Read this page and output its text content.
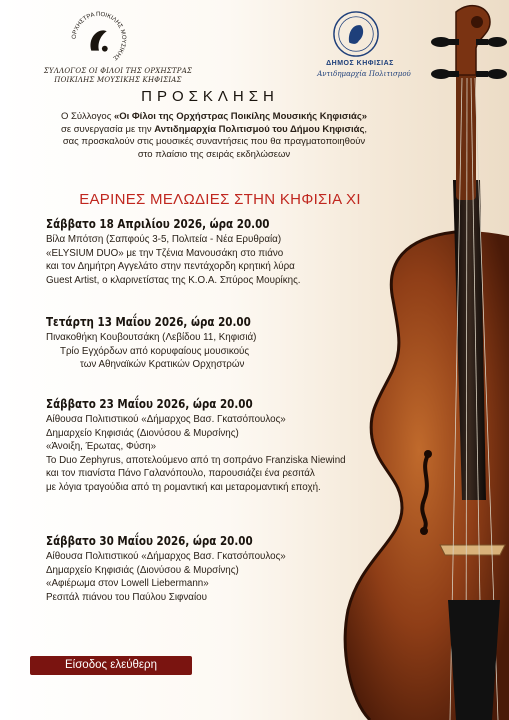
ΟΡΧΗΣΤΡΑ ΠΟΙΚΙΛΗΣ ΜΟΥΣΙΚΗΣ
ΣΥΛΛΟΓΟΣ ΟΙ ΦΙΛΟΙ ΤΗΣ ΟΡΧΗΣΤΡΑΣ
ΠΟΙΚΙΛΗΣ ΜΟΥΣΙΚΗΣ ΚΗΦΙΣΙΑΣ
ΔΗΜΟΣ ΚΗΦΙΣΙΑΣ
Αντιδημαρχία Πολιτισμού
ΠΡΟΣΚΛΗΣΗ
Ο Σύλλογος «Οι Φίλοι της Ορχήστρας Ποικίλης Μουσικής Κηφισιάς»
σε συνεργασία με την Αντιδημαρχία Πολιτισμού του Δήμου Κηφισιάς,
σας προσκαλούν στις μουσικές συναντήσεις που θα πραγματοποιηθούν
στο πλαίσιο της σειράς εκδηλώσεων
ΕΑΡΙΝΕΣ ΜΕΛΩΔΙΕΣ ΣΤΗΝ ΚΗΦΙΣΙΑ ΧΙ
Σάββατο 18 Απριλίου 2026, ώρα 20.00
Βίλα Μπότση (Σαπφούς 3-5, Πολιτεία - Νέα Ερυθραία)
«ELYSIUM DUO» με την Τζένια Μανουσάκη στο πιάνο
και τον Δημήτρη Αγγελάτο στην πεντάχορδη κρητική λύρα
Guest Artist, ο κλαρινετίστας της Κ.Ο.Α. Σπύρος Μουρίκης.
Τετάρτη 13 Μαΐου 2026, ώρα 20.00
Πινακοθήκη Κουβουτσάκη (Λεβίδου 11, Κηφισιά)
Τρίο Εγχόρδων από κορυφαίους μουσικούς
των Αθηναϊκών Κρατικών Ορχηστρών
Σάββατο 23 Μαΐου 2026, ώρα 20.00
Αίθουσα Πολιτιστικού «Δήμαρχος Βασ. Γκατσόπουλος»
Δημαρχείο Κηφισιάς (Διονύσου & Μυρσίνης)
«Άνοιξη, Έρωτας, Φύση»
Το Duo Zephyrus, αποτελούμενο από τη σοπράνο Franziska Niewind
και τον πιανίστα Πάνο Γαλανόπουλο, παρουσιάζει ένα ρεσιτάλ
με λόγια τραγούδια από τη ρομαντική και μεταρομαντική εποχή.
Σάββατο 30 Μαΐου 2026, ώρα 20.00
Αίθουσα Πολιτιστικού «Δήμαρχος Βασ. Γκατσόπουλος»
Δημαρχείο Κηφισιάς (Διονύσου & Μυρσίνης)
«Αφιέρωμα στον Lowell Liebermann»
Ρεσιτάλ πιάνου του Παύλου Σιφναίου
Είσοδος ελεύθερη
